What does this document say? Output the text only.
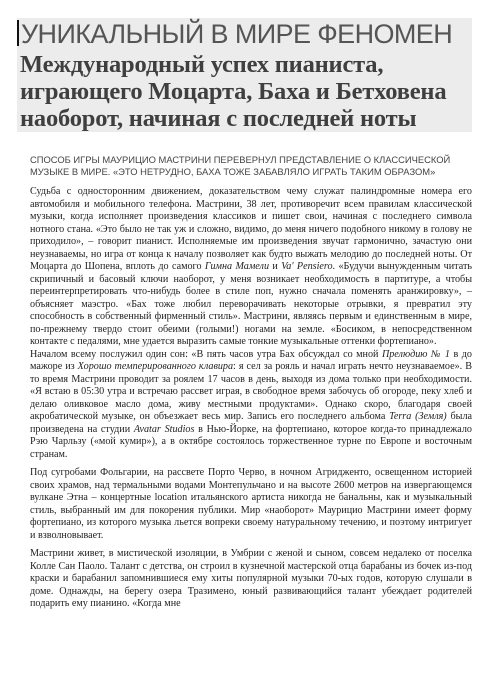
УНИКАЛЬНЫЙ В МИРЕ ФЕНОМЕН
Международный успех пианиста, играющего Моцарта, Баха и Бетховена наоборот, начиная с последней ноты
СПОСОБ ИГРЫ МАУРИЦИО МАСТРИНИ ПЕРЕВЕРНУЛ ПРЕДСТАВЛЕНИЕ О КЛАССИЧЕСКОЙ МУЗЫКЕ В МИРЕ. «ЭТО НЕТРУДНО, БАХА ТОЖЕ ЗАБАВЛЯЛО ИГРАТЬ ТАКИМ ОБРАЗОМ»

Судьба с односторонним движением, доказательством чему служат палиндромные номера его автомобиля и мобильного телефона. Мастрини, 38 лет, противоречит всем правилам классической музыки, когда исполняет произведения классиков и пишет свои, начиная с последнего символа нотного стана. «Это было не так уж и сложно, видимо, до меня ничего подобного никому в голову не приходило», – говорит пианист. Исполняемые им произведения звучат гармонично, зачастую они неузнаваемы, но игра от конца к началу позволяет как будто выжать мелодию до последней ноты. От Моцарта до Шопена, вплоть до самого Гимна Мамели и Va' Pensiero. «Будучи вынужденным читать скрипичный и басовый ключи наоборот, у меня возникает необходимость в партитуре, а чтобы переинтерпретировать что-нибудь более в стиле поп, нужно сначала поменять аранжировку», – объясняет маэстро. «Бах тоже любил переворачивать некоторые отрывки, я превратил эту способность в собственный фирменный стиль». Мастрини, являясь первым и единственным в мире, по-прежнему твердо стоит обеими (голыми!) ногами на земле. «Босиком, в непосредственном контакте с педалями, мне удается выразить самые тонкие музыкальные оттенки фортепиано».

Началом всему послужил один сон: «В пять часов утра Бах обсуждал со мной Прелюдию № 1 в до мажоре из Хорошо темперированного клавира: я сел за рояль и начал играть нечто неузнаваемое». В то время Мастрини проводит за роялем 17 часов в день, выходя из дома только при необходимости. «Я встаю в 05:30 утра и встречаю рассвет играя, в свободное время забочусь об огороде, пеку хлеб и делаю оливковое масло дома, живу местными продуктами». Однако скоро, благодаря своей акробатической музыке, он объезжает весь мир. Запись его последнего альбома Terra (Земля) была произведена на студии Avatar Studios в Нью-Йорке, на фортепиано, которое когда-то принадлежало Рэю Чарльзу («мой кумир»), а в октябре состоялось торжественное турне по Европе и восточным странам.

Под сугробами Фольгарии, на рассвете Порто Черво, в ночном Агридженто, освещенном историей своих храмов, над термальными водами Монтепульчано и на высоте 2600 метров на извергающемся вулкане Этна – концертные location итальянского артиста никогда не банальны, как и музыкальный стиль, выбранный им для покорения публики. Мир «наоборот» Маурицио Мастрини имеет форму фортепиано, из которого музыка льется вопреки своему натуральному течению, и поэтому интригует и взволновывает.

Мастрини живет, в мистической изоляции, в Умбрии с женой и сыном, совсем недалеко от поселка Колле Сан Паоло. Талант с детства, он строил в кузнечной мастерской отца барабаны из бочек из-под краски и барабанил запомнившиеся ему хиты популярной музыки 70-ых годов, которую слушали в доме. Однажды, на берегу озера Тразимено, юный развивающийся талант убеждает родителей подарить ему пианино. «Когда мне
